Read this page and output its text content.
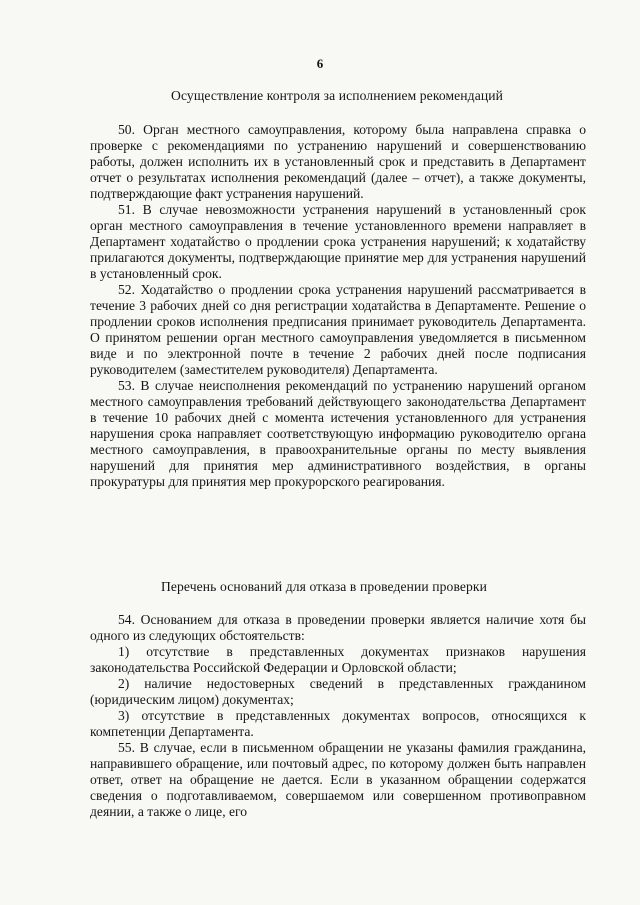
6
Осуществление контроля за исполнением рекомендаций

50. Орган местного самоуправления, которому была направлена справка о проверке с рекомендациями по устранению нарушений и совершенствованию работы, должен исполнить их в установленный срок и представить в Департамент отчет о результатах исполнения рекомендаций (далее – отчет), а также документы, подтверждающие факт устранения нарушений.

51. В случае невозможности устранения нарушений в установленный срок орган местного самоуправления в течение установленного времени направляет в Департамент ходатайство о продлении срока устранения нарушений; к ходатайству прилагаются документы, подтверждающие принятие мер для устранения нарушений в установленный срок.

52. Ходатайство о продлении срока устранения нарушений рассматривается в течение 3 рабочих дней со дня регистрации ходатайства в Департаменте. Решение о продлении сроков исполнения предписания принимает руководитель Департамента. О принятом решении орган местного самоуправления уведомляется в письменном виде и по электронной почте в течение 2 рабочих дней после подписания руководителем (заместителем руководителя) Департамента.

53. В случае неисполнения рекомендаций по устранению нарушений органом местного самоуправления требований действующего законодательства Департамент в течение 10 рабочих дней с момента истечения установленного для устранения нарушения срока направляет соответствующую информацию руководителю органа местного самоуправления, в правоохранительные органы по месту выявления нарушений для принятия мер административного воздействия, в органы прокуратуры для принятия мер прокурорского реагирования.

Перечень оснований для отказа в проведении проверки

54. Основанием для отказа в проведении проверки является наличие хотя бы одного из следующих обстоятельств:

1) отсутствие в представленных документах признаков нарушения законодательства Российской Федерации и Орловской области;

2) наличие недостоверных сведений в представленных гражданином (юридическим лицом) документах;

3) отсутствие в представленных документах вопросов, относящихся к компетенции Департамента.

55. В случае, если в письменном обращении не указаны фамилия гражданина, направившего обращение, или почтовый адрес, по которому должен быть направлен ответ, ответ на обращение не дается. Если в указанном обращении содержатся сведения о подготавливаемом, совершаемом или совершенном противоправном деянии, а также о лице, его
